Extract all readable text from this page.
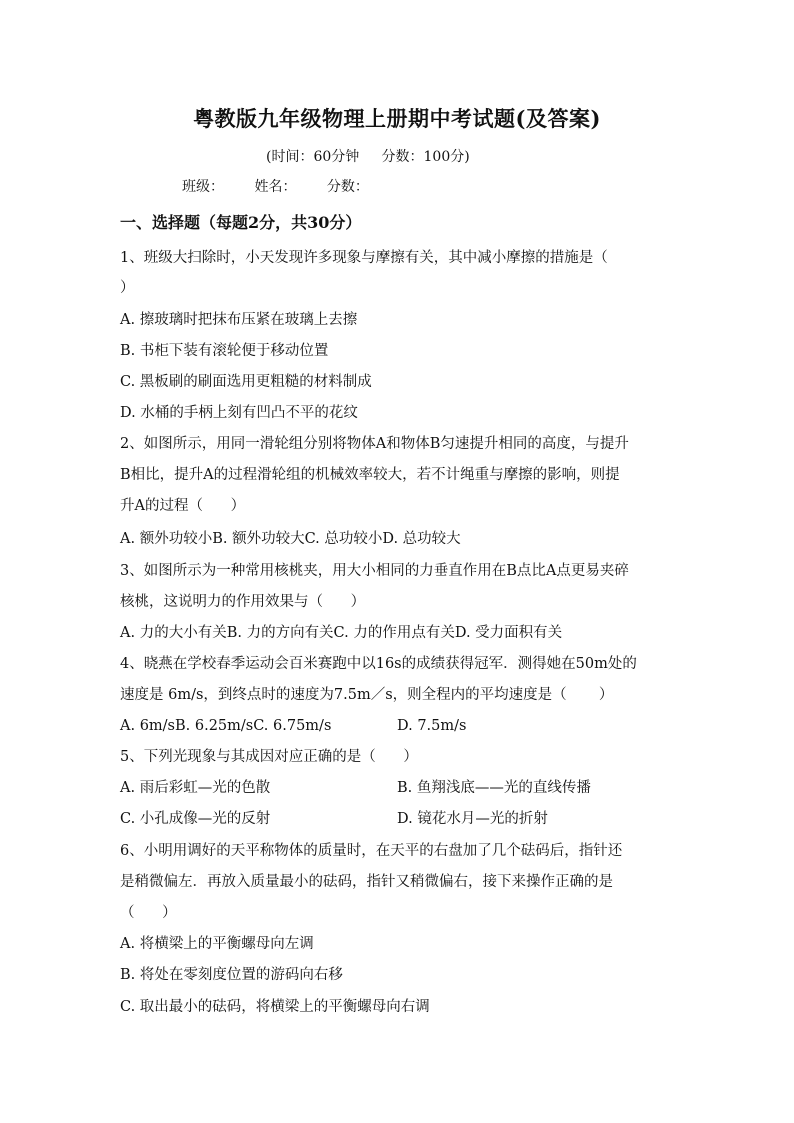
粤教版九年级物理上册期中考试题(及答案)
(时间：60分钟     分数：100分)
班级： 姓名： 分数：
一、选择题（每题2分，共30分）
1、班级大扫除时，小天发现许多现象与摩擦有关，其中减小摩擦的措施是（
）
A. 擦玻璃时把抹布压紧在玻璃上去擦
B. 书柜下装有滚轮便于移动位置
C. 黑板刷的刷面选用更粗糙的材料制成
D. 水桶的手柄上刻有凹凸不平的花纹
2、如图所示，用同一滑轮组分别将物体A和物体B匀速提升相同的高度，与提升
B相比，提升A的过程滑轮组的机械效率较大，若不计绳重与摩擦的影响，则提
升A的过程（      ）
A. 额外功较小B. 额外功较大C. 总功较小D. 总功较大
3、如图所示为一种常用核桃夹，用大小相同的力垂直作用在B点比A点更易夹碎
核桃，这说明力的作用效果与（      ）
A. 力的大小有关B. 力的方向有关C. 力的作用点有关D. 受力面积有关
4、晓燕在学校春季运动会百米赛跑中以16s的成绩获得冠军．测得她在50m处的
速度是 6m/s，到终点时的速度为7.5m／s，则全程内的平均速度是（       ）
A. 6m/sB. 6.25m/sC. 6.75m/s	D. 7.5m/s
5、下列光现象与其成因对应正确的是（      ）
A. 雨后彩虹—光的色散	B. 鱼翔浅底——光的直线传播
C. 小孔成像—光的反射	D. 镜花水月—光的折射
6、小明用调好的天平称物体的质量时，在天平的右盘加了几个砝码后，指针还
是稍微偏左．再放入质量最小的砝码，指针又稍微偏右，接下来操作正确的是
（      ）
A. 将横梁上的平衡螺母向左调
B. 将处在零刻度位置的游码向右移
C. 取出最小的砝码，将横梁上的平衡螺母向右调
